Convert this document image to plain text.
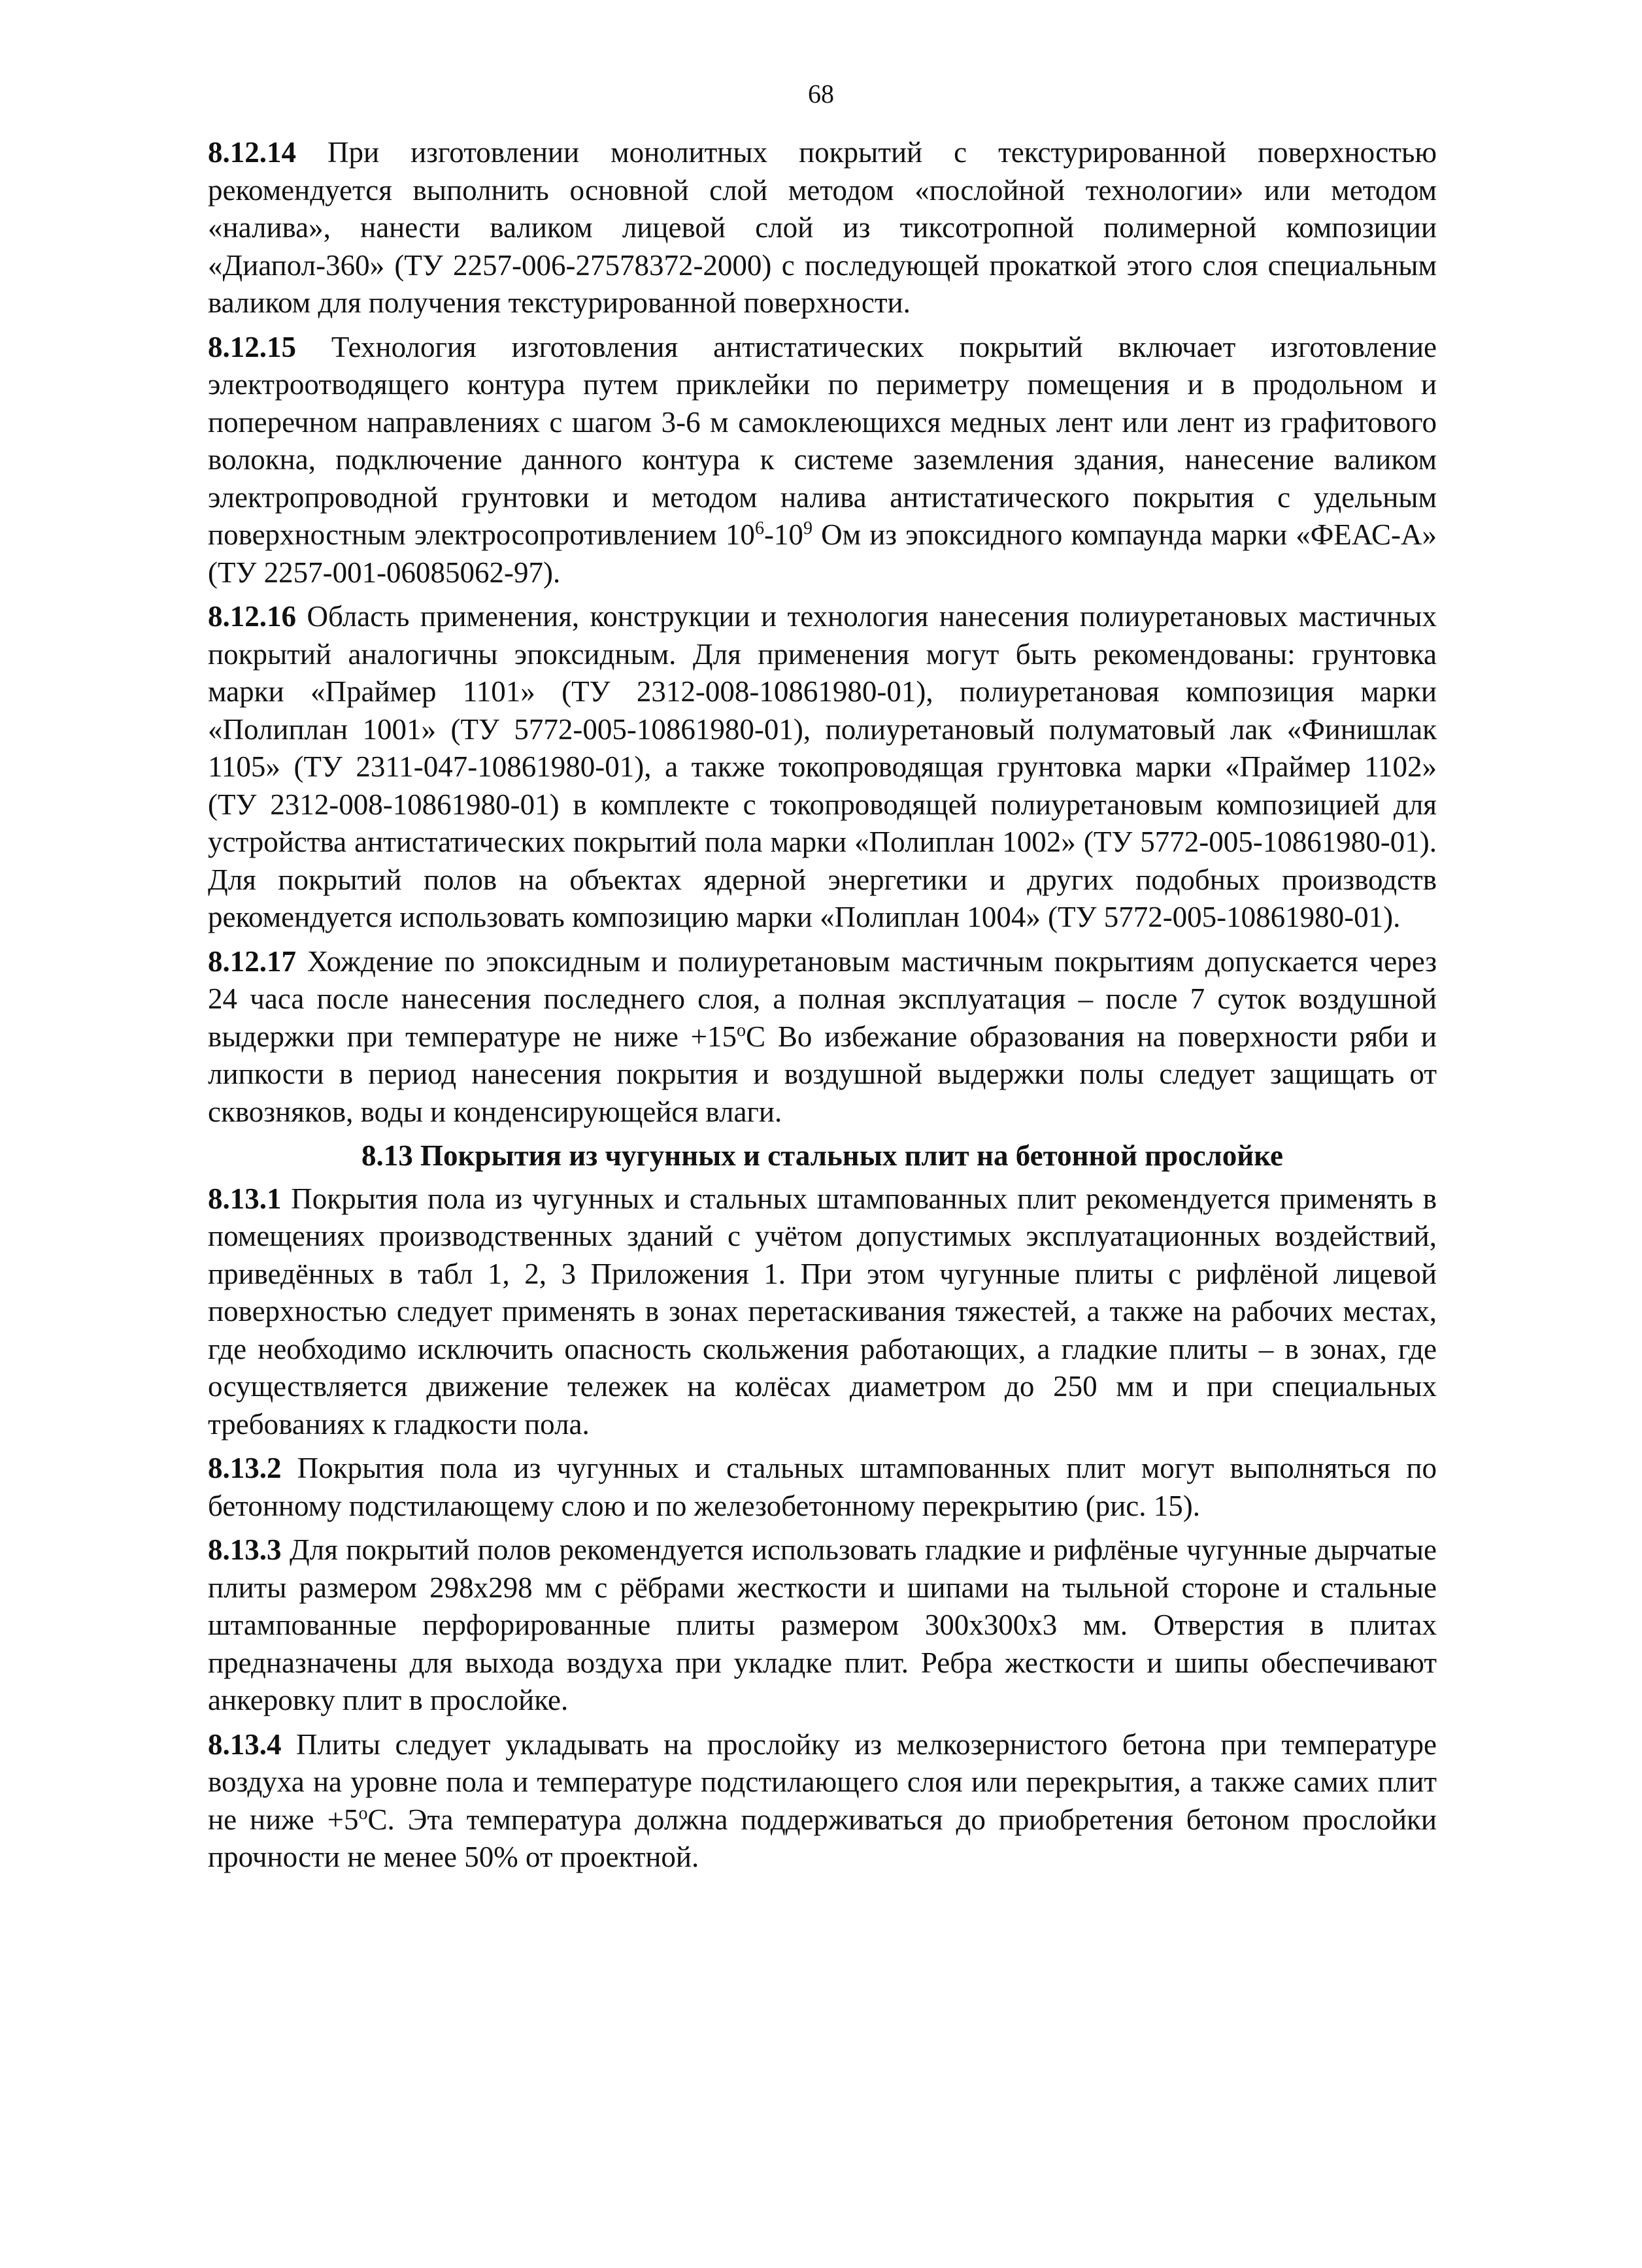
68

8.12.14 При изготовлении монолитных покрытий с текстурированной поверхностью рекомендуется выполнить основной слой методом «послойной технологии» или методом «налива», нанести валиком лицевой слой из тиксотропной полимерной композиции «Диапол-360» (ТУ 2257-006-27578372-2000) с последующей прокаткой этого слоя специальным валиком для получения текстурированной поверхности.

8.12.15 Технология изготовления антистатических покрытий включает изготовление электроотводящего контура путем приклейки по периметру помещения и в продольном и поперечном направлениях с шагом 3-6 м самоклеющихся медных лент или лент из графитового волокна, подключение данного контура к системе заземления здания, нанесение валиком электропроводной грунтовки и методом налива антистатического покрытия с удельным поверхностным электросопротивлением $10^6-10^9$ Ом из эпоксидного компаунда марки «ФЕАС-А» (ТУ 2257-001-06085062-97).

8.12.16 Область применения, конструкции и технология нанесения полиуретановых мастичных покрытий аналогичны эпоксидным. Для применения могут быть рекомендованы: грунтовка марки «Праймер 1101» (ТУ 2312-008-10861980-01), полиуретановая композиция марки «Полиплан 1001» (ТУ 5772-005-10861980-01), полиуретановый полуматовый лак «Финишлак 1105» (ТУ 2311-047-10861980-01), а также токопроводящая грунтовка марки «Праймер 1102» (ТУ 2312-008-10861980-01) в комплекте с токопроводящей полиуретановым композицией для устройства антистатических покрытий пола марки «Полиплан 1002» (ТУ 5772-005-10861980-01). Для покрытий полов на объектах ядерной энергетики и других подобных производств рекомендуется использовать композицию марки «Полиплан 1004» (ТУ 5772-005-10861980-01).

8.12.17 Хождение по эпоксидным и полиуретановым мастичным покрытиям допускается через 24 часа после нанесения последнего слоя, а полная эксплуатация – после 7 суток воздушной выдержки при температуре не ниже $+15^oС$ Во избежание образования на поверхности ряби и липкости в период нанесения покрытия и воздушной выдержки полы следует защищать от сквозняков, воды и конденсирующейся влаги.

8.13 Покрытия из чугунных и стальных плит на бетонной прослойке

8.13.1 Покрытия пола из чугунных и стальных штампованных плит рекомендуется применять в помещениях производственных зданий с учётом допустимых эксплуатационных воздействий, приведённых в табл 1, 2, 3 Приложения 1. При этом чугунные плиты с рифлёной лицевой поверхностью следует применять в зонах перетаскивания тяжестей, а также на рабочих местах, где необходимо исключить опасность скольжения работающих, а гладкие плиты – в зонах, где осуществляется движение тележек на колёсах диаметром до 250 мм и при специальных требованиях к гладкости пола.

8.13.2 Покрытия пола из чугунных и стальных штампованных плит могут выполняться по бетонному подстилающему слою и по железобетонному перекрытию (рис. 15).

8.13.3 Для покрытий полов рекомендуется использовать гладкие и рифлёные чугунные дырчатые плиты размером 298х298 мм с рёбрами жесткости и шипами на тыльной стороне и стальные штампованные перфорированные плиты размером 300х300х3 мм. Отверстия в плитах предназначены для выхода воздуха при укладке плит. Ребра жесткости и шипы обеспечивают анкеровку плит в прослойке.

8.13.4 Плиты следует укладывать на прослойку из мелкозернистого бетона при температуре воздуха на уровне пола и температуре подстилающего слоя или перекрытия, а также самих плит не ниже $+5^oС$. Эта температура должна поддерживаться до приобретения бетоном прослойки прочности не менее 50% от проектной.
